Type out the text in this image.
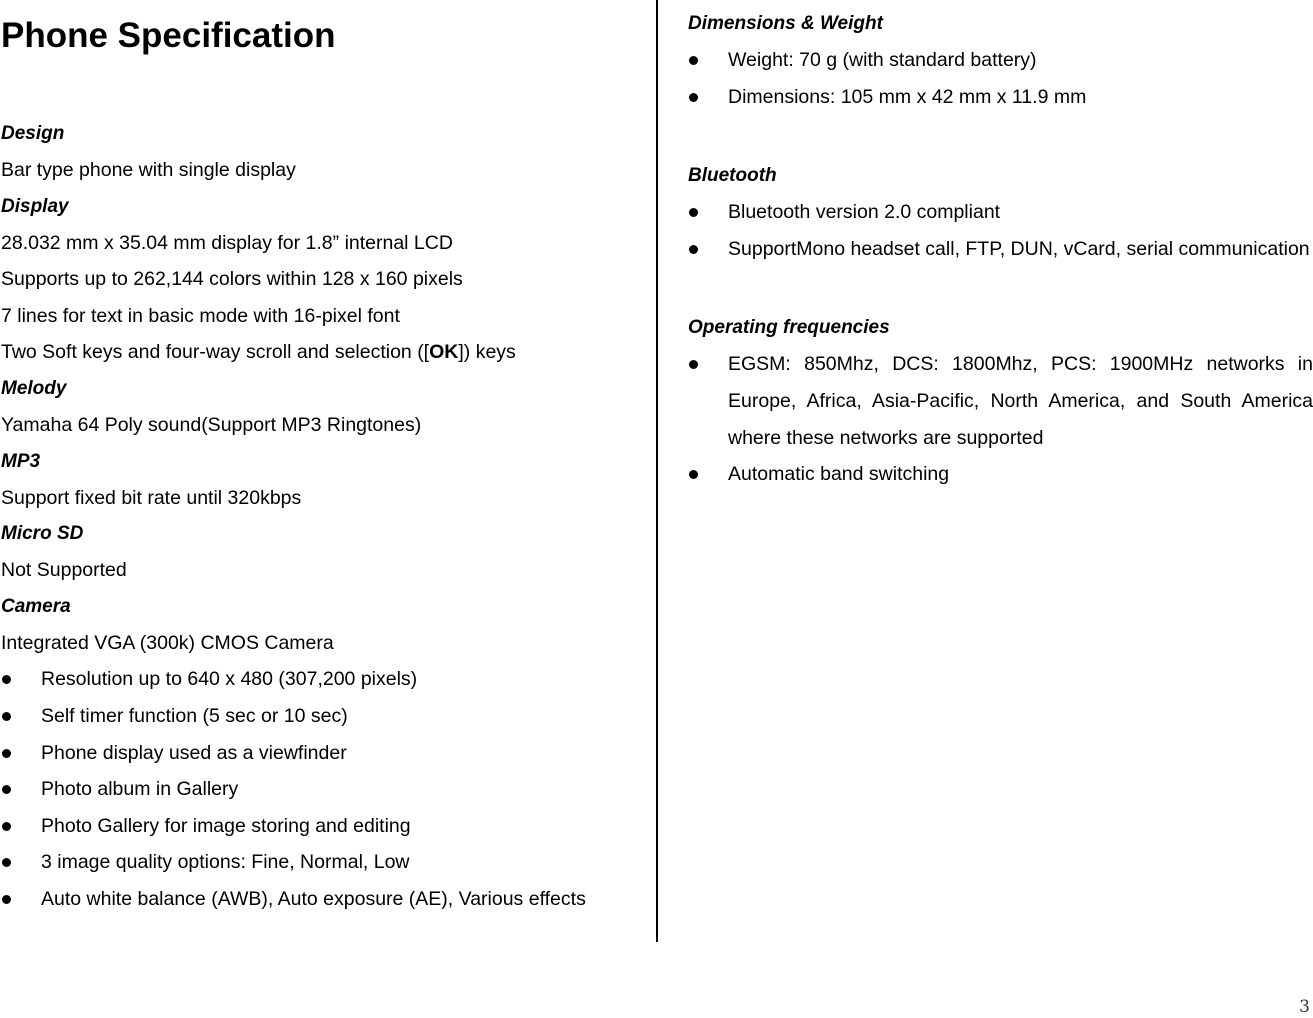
Phone Specification

Design

Bar type phone with single display

Display

28.032 mm x 35.04 mm display for 1.8” internal LCD

Supports up to 262,144 colors within 128 x 160 pixels

7 lines for text in basic mode with 16-pixel font

Two Soft keys and four-way scroll and selection ([OK]) keys

Melody

Yamaha 64 Poly sound(Support MP3 Ringtones)

MP3

Support fixed bit rate until 320kbps

Micro SD

Not Supported

Camera

Integrated VGA (300k) CMOS Camera

Resolution up to 640 x 480 (307,200 pixels)
Self timer function (5 sec or 10 sec)
Phone display used as a viewfinder
Photo album in Gallery
Photo Gallery for image storing and editing
3 image quality options: Fine, Normal, Low
Auto white balance (AWB), Auto exposure (AE), Various effects

Dimensions & Weight

Weight: 70 g (with standard battery)
Dimensions: 105 mm x 42 mm x 11.9 mm

Bluetooth

Bluetooth version 2.0 compliant
SupportMono headset call, FTP, DUN, vCard, serial communication

Operating frequencies

EGSM: 850Mhz, DCS: 1800Mhz, PCS: 1900MHz networks in Europe, Africa, Asia-Pacific, North America, and South America where these networks are supported
Automatic band switching
3
